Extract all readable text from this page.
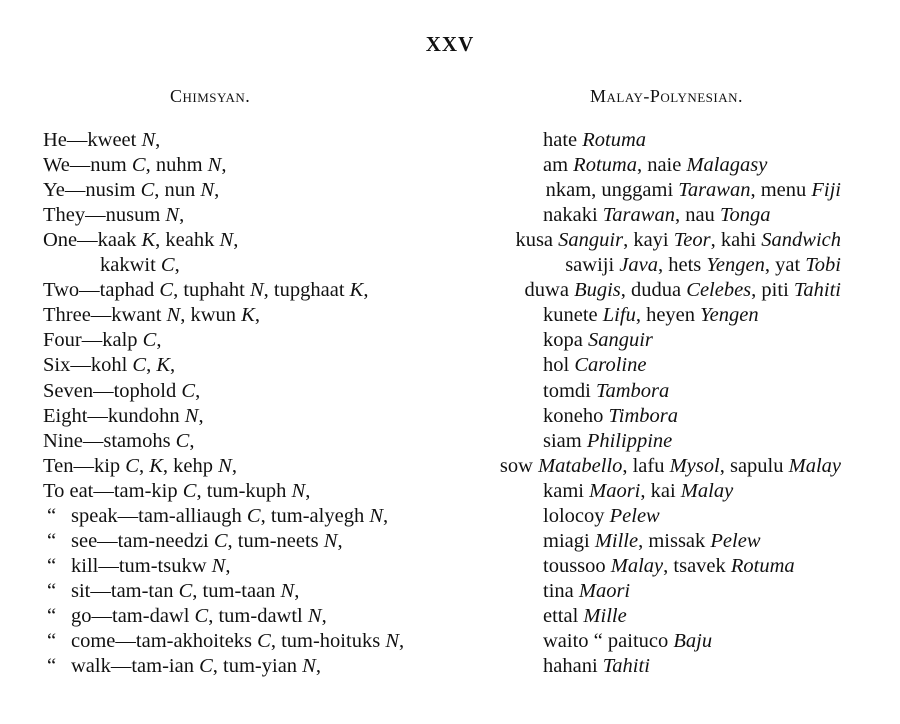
XXV
Chimsyan.	Malay-Polynesian.
He—kweet N,
We—num C, nuhm N,
Ye—nusim C, nun N,
They—nusum N,
One—kaak K, keahk N,
kakwit C,
Two—taphad C, tuphaht N, tupghaat K,
Three—kwant N, kwun K,
Four—kalp C,
Six—kohl C, K,
Seven—tophold C,
Eight—kundohn N,
Nine—stamohs C,
Ten—kip C, K, kehp N,
To eat—tam-kip C, tum-kuph N,
“ speak—tam-alliaugh C, tum-alyegh N,
“ see—tam-needzi C, tum-neets N,
“ kill—tum-tsukw N,
“ sit—tam-tan C, tum-taan N,
“ go—tam-dawl C, tum-dawtl N,
“ come—tam-akhoiteks C, tum-hoituks N,
“ walk—tam-ian C, tum-yian N,
hate Rotuma
am Rotuma, naie Malagasy
nkam, unggami Tarawan, menu Fiji
nakaki Tarawan, nau Tonga
kusa Sanguir, kayi Teor, kahi Sandwich
sawiji Java, hets Yengen, yat Tobi
duwa Bugis, dudua Celebes, piti Tahiti
kunete Lifu, heyen Yengen
kopa Sanguir
hol Caroline
tomdi Tambora
koneho Timbora
siam Philippine
sow Matabello, lafu Mysol, sapulu Malay
kami Maori, kai Malay
lolocoy Pelew
miagi Mille, missak Pelew
toussoo Malay, tsavek Rotuma
tina Maori
ettal Mille
waito “ paituco Baju
hahani Tahiti
